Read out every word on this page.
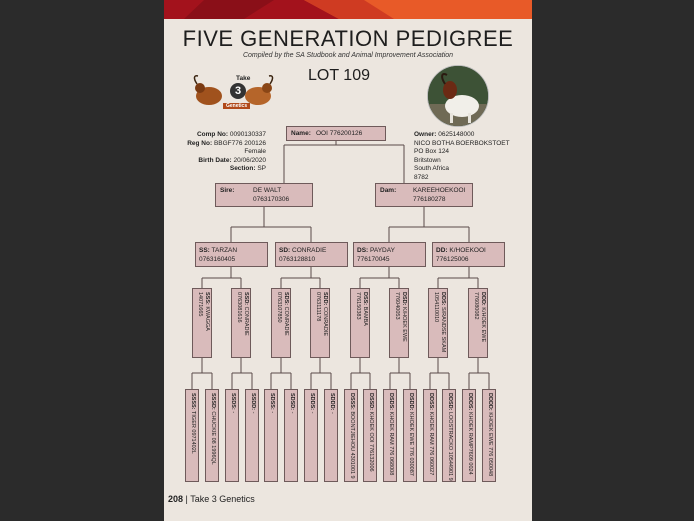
FIVE GENERATION PEDIGREE
Compiled by the SA Studbook and Animal Improvement Association
LOT 109
Take
3
Genetics
Comp No: 0090130337
Reg No: BBGF776 200126
Female
Birth Date: 20/06/2020
Section: SP
Owner: 0625148000
NICO BOTHA BOERBOKSTOET
PO Box 124
Britstown
South Africa
8782
Name: OOI 776200126
Sire:	DE WALT
0763170306
Dam:	KAREEHOEKOOI
776180278
SS: TARZAN
0763160405
SD: CONRADIE
0763128810
DS: PAYDAY
776170045
DD: K/HOEKOOI
776125006
SSS: KWAGGA
14071665	SSD: CONRADIE
0763081616	SDS: CONRADIE
0763107850	SDD: CONRADIE
0763111178	DSS: BAMBA
776150383	DSD: K/HOEK EWE
776040053	DDS: S/RANDSE SKAM
1054110010	DDD: K/HOEK EWE
776080082
SSSS: TIGER 0971402L
SSSD: CHUCKIE 08 1996QL
SSDS: -
SSDD: -
SDSS: -
SDSD: -
SDDS: -
SDDD: -
DSSS: BOONTJIEHOU 4301001 9
DSSD: KHOEK OOI 776132006
DSDS: KHOEK RAM 776 068008
DSDD: KHOEK EWE 776 030087
DDSS: KHOEK RAM 776 060027
DDSD: LOOSTRACKO 10544901 9
DDDS: KHOEK RAMP7609 0024
DDDD: KHOEK EWE 776 050048
208 | Take 3 Genetics
